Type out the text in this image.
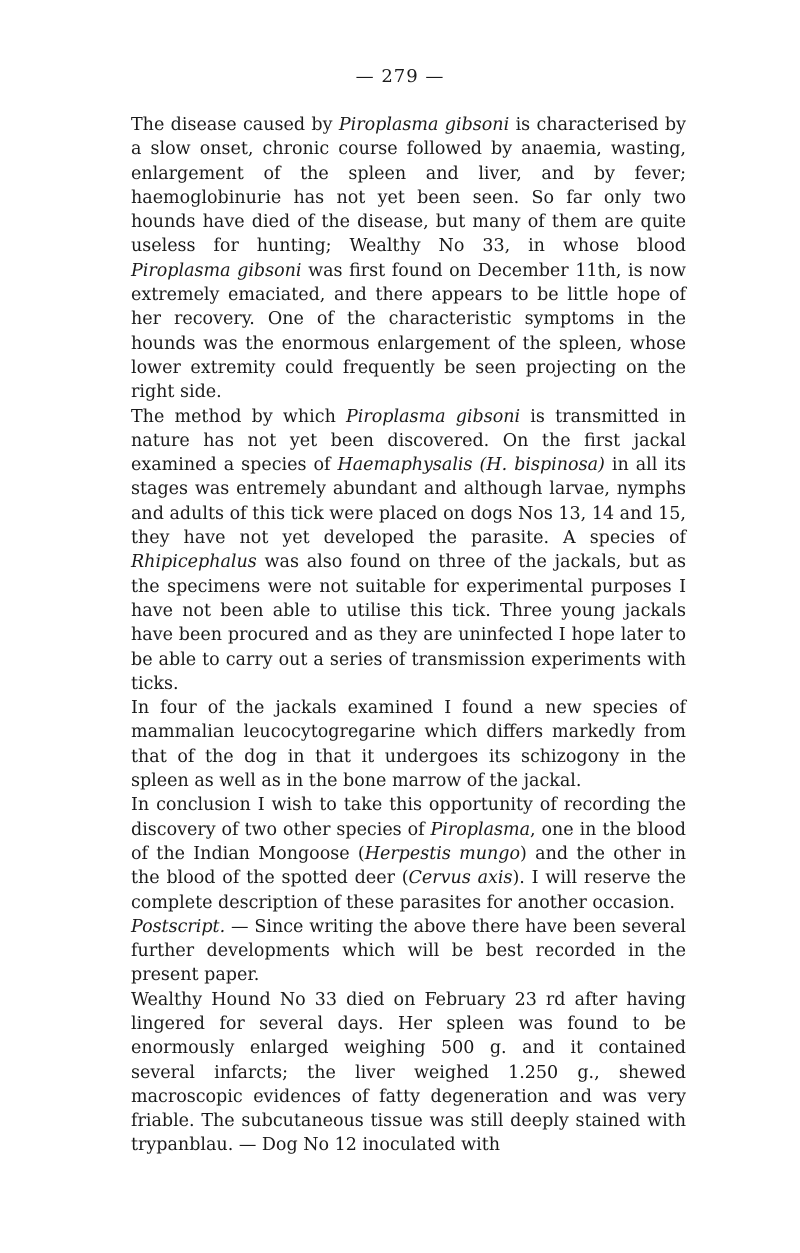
— 279 —

The disease caused by Piroplasma gibsoni is characterised by a slow onset, chronic course followed by anaemia, wasting, enlargement of the spleen and liver, and by fever; haemoglobinurie has not yet been seen. So far only two hounds have died of the disease, but many of them are quite useless for hunting; Wealthy No 33, in whose blood Piroplasma gibsoni was first found on December 11th, is now extremely emaciated, and there appears to be little hope of her recovery. One of the characteristic symptoms in the hounds was the enormous enlargement of the spleen, whose lower extremity could frequently be seen projecting on the right side.

The method by which Piroplasma gibsoni is transmitted in nature has not yet been discovered. On the first jackal examined a species of Haemaphysalis (H. bispinosa) in all its stages was entremely abundant and although larvae, nymphs and adults of this tick were placed on dogs Nos 13, 14 and 15, they have not yet developed the parasite. A species of Rhipicephalus was also found on three of the jackals, but as the specimens were not suitable for experimental purposes I have not been able to utilise this tick. Three young jackals have been procured and as they are uninfected I hope later to be able to carry out a series of transmission experiments with ticks.

In four of the jackals examined I found a new species of mammalian leucocytogregarine which differs markedly from that of the dog in that it undergoes its schizogony in the spleen as well as in the bone marrow of the jackal.

In conclusion I wish to take this opportunity of recording the discovery of two other species of Piroplasma, one in the blood of the Indian Mongoose (Herpestis mungo) and the other in the blood of the spotted deer (Cervus axis). I will reserve the complete description of these parasites for another occasion.

Postscript. — Since writing the above there have been several further developments which will be best recorded in the present paper.

Wealthy Hound No 33 died on February 23 rd after having lingered for several days. Her spleen was found to be enormously enlarged weighing 500 g. and it contained several infarcts; the liver weighed 1.250 g., shewed macroscopic evidences of fatty degeneration and was very friable. The subcutaneous tissue was still deeply stained with trypanblau. — Dog No 12 inoculated with
